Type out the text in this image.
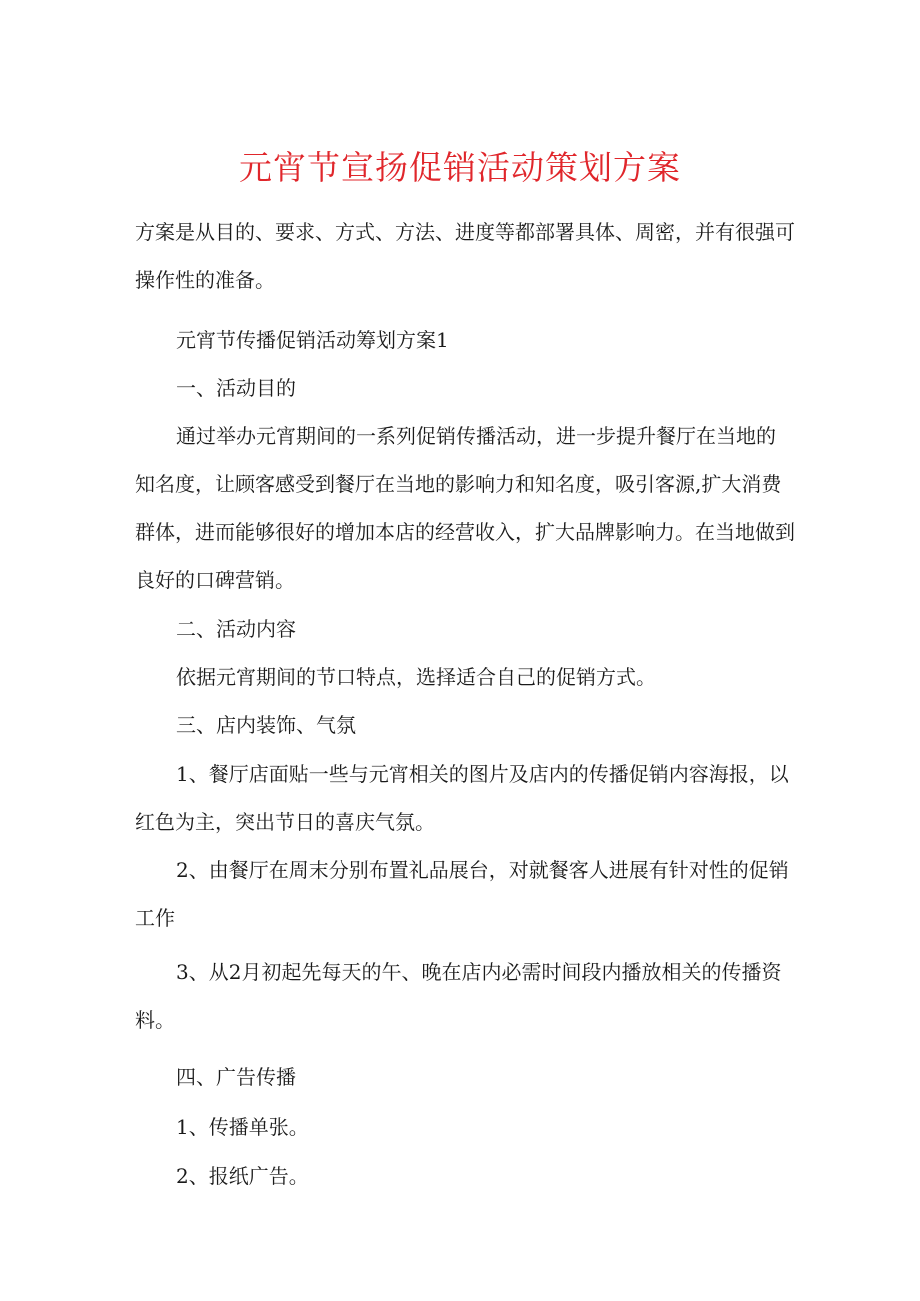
元宵节宣扬促销活动策划方案

方案是从目的、要求、方式、方法、进度等都部署具体、周密，并有很强可操作性的准备。

元宵节传播促销活动筹划方案1

一、活动目的

通过举办元宵期间的一系列促销传播活动，进一步提升餐厅在当地的知名度，让顾客感受到餐厅在当地的影响力和知名度，吸引客源,扩大消费群体，进而能够很好的增加本店的经营收入，扩大品牌影响力。在当地做到良好的口碑营销。

二、活动内容

依据元宵期间的节口特点，选择适合自己的促销方式。

三、店内装饰、气氛

1、餐厅店面贴一些与元宵相关的图片及店内的传播促销内容海报，以红色为主，突出节日的喜庆气氛。

2、由餐厅在周末分别布置礼品展台，对就餐客人进展有针对性的促销工作

3、从2月初起先每天的午、晚在店内必需时间段内播放相关的传播资料。

四、广告传播

1、传播单张。

2、报纸广告。
